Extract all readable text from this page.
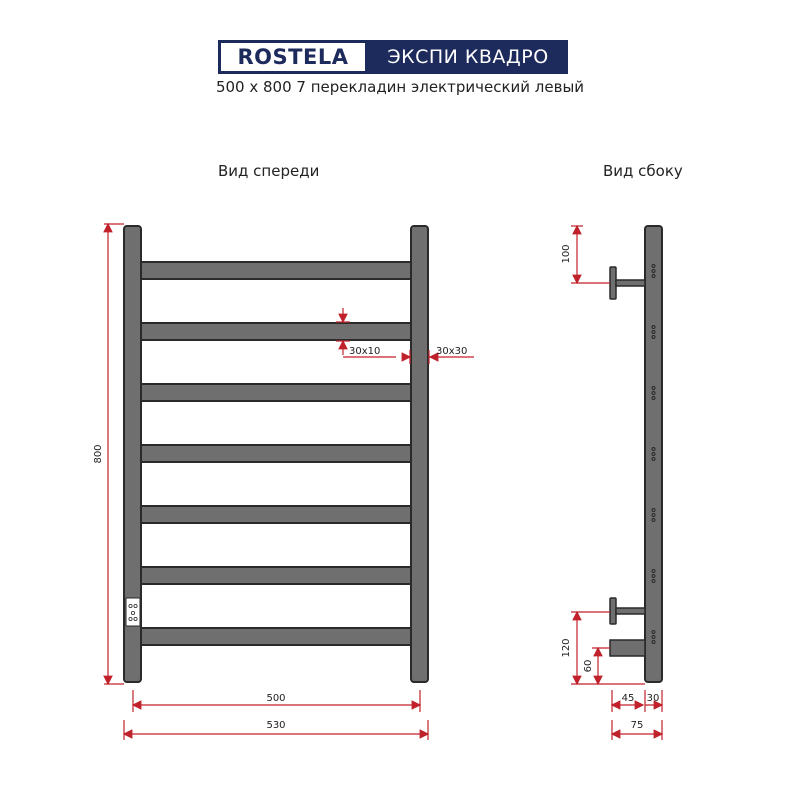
ROSTELA	ЭКСПИ КВАДРО
500 х 800 7 перекладин электрический левый
Вид спереди	Вид сбоку
800
500
530
30x10	30x30
100
120
60
45 30
75
